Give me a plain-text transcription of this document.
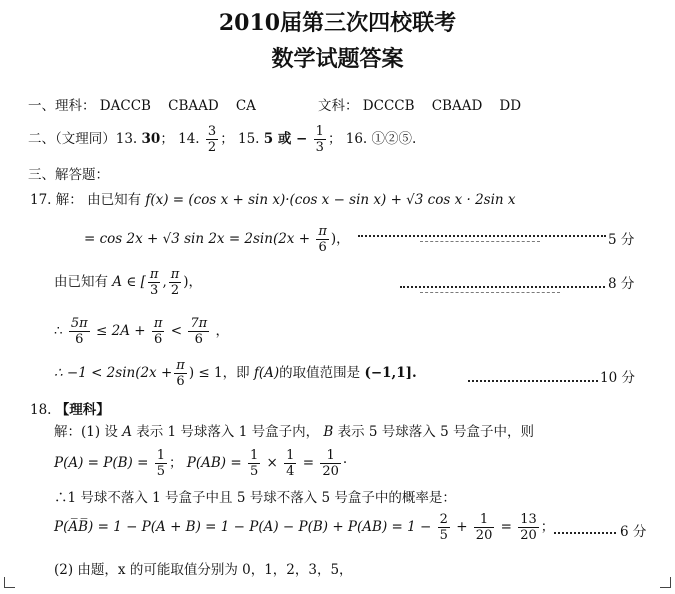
2010届第三次四校联考
数学试题答案
一、理科： DACCB    CBAAD    CA	文科： DCCCB    CBAAD    DD
二、（文理同）13. 30； 14. $\frac{3}{2}$ ； 15. 5 或 − $\frac{1}{3}$ ； 16. ①②⑤.
三、解答题：
17. 解： 由已知有 f(x) = (cos x + sin x)·(cos x − sin x) + √3 cos x · 2sin x
= cos 2x + √3 $\sin 2x = 2\sin(2x + \frac{\pi}{6}$ )，	5 分
由已知有 A ∈ [ $\frac{\pi}{3}$ , $\frac{\pi}{2}$ )，	8 分
∴ $\frac{5\pi}{6} \le 2A + \frac{\pi}{6} < \frac{7\pi}{6}$ ，
∴ $-1 < 2\sin(2x + \frac{\pi}{6}$ ) ≤ 1，即 f(A)的取值范围是 (−1,1].	10 分
18. 【理科】
解：(1) 设 A 表示 1 号球落入 1 号盒子内， B 表示 5 号球落入 5 号盒子中，则
$P(A) = P(B) = \frac{1}{5}$ ； $P(AB) = \frac{1}{5} \times \frac{1}{4} = \frac{1}{20}$ ·
∴1 号球不落入 1 号盒子中且 5 号球不落入 5 号盒子中的概率是：
P(A̅B̅) = $1 - P(A + B) = 1 - P(A) - P(B) + P(AB) = 1 - \frac{2}{5} + \frac{1}{20} = \frac{13}{20}$ ；	6 分
(2) 由题，x 的可能取值分别为 0，1，2，3，5，
